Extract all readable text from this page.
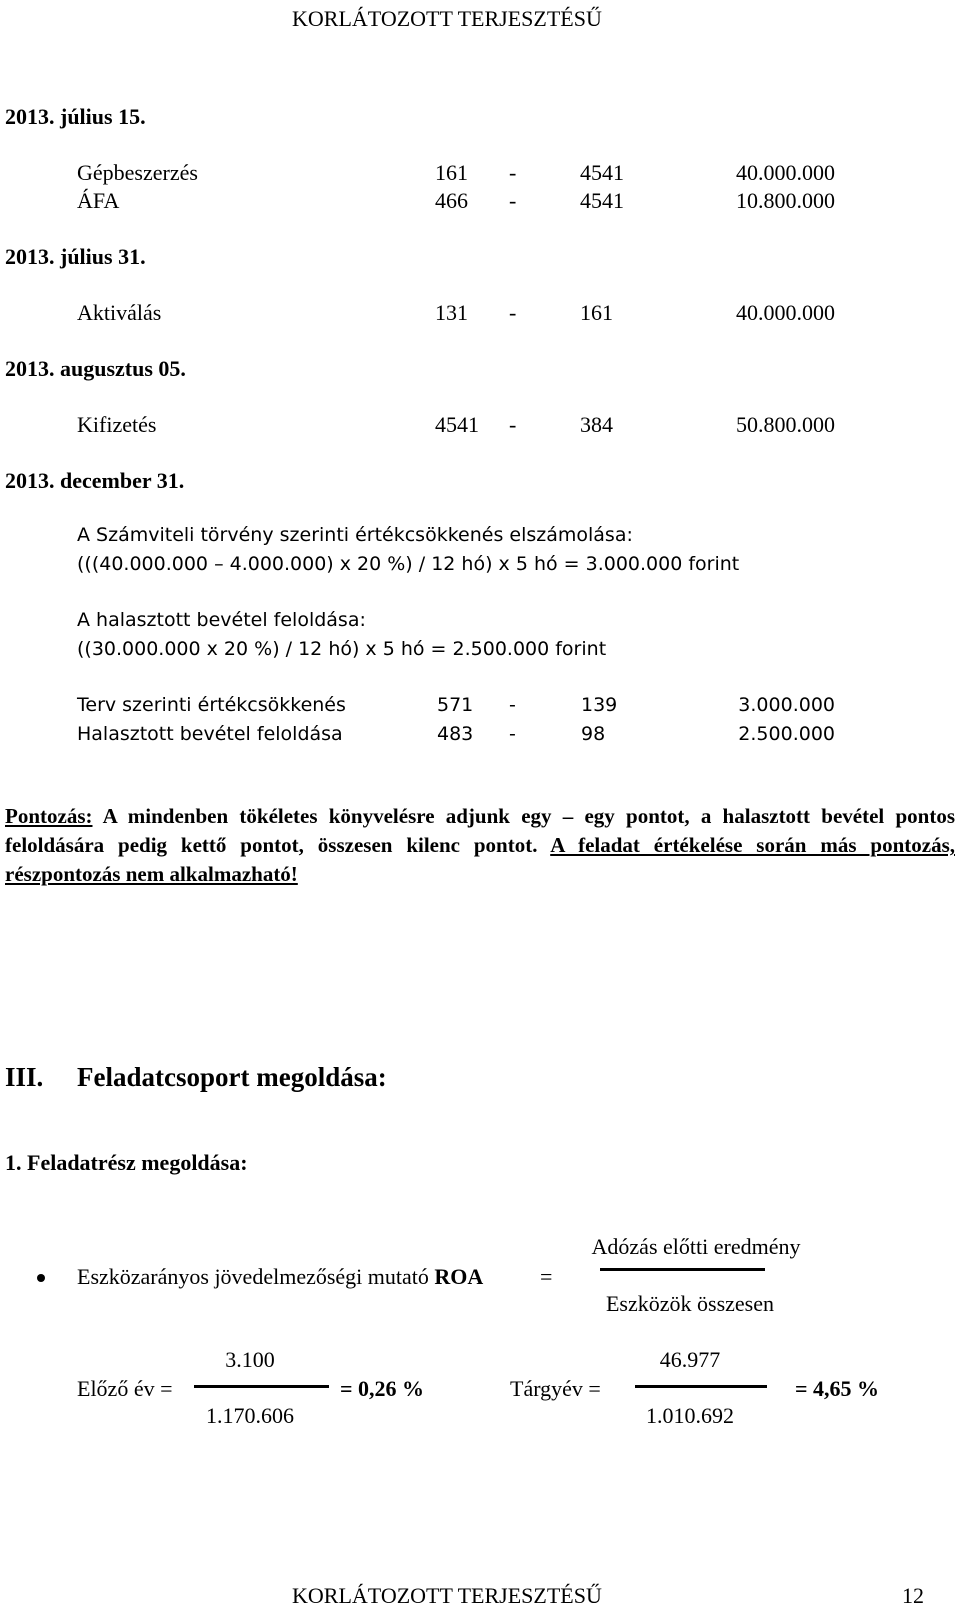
KORLÁTOZOTT TERJESZTÉSŰ
2013. július 15.
Gépbeszerzés	161 -	4541	40.000.000
ÁFA	466 -	4541	10.800.000
2013. július 31.
Aktiválás	131 -	161	40.000.000
2013. augusztus 05.
Kifizetés	4541 -	384	50.800.000
2013. december 31.
A Számviteli törvény szerinti értékcsökkenés elszámolása:
(((40.000.000 – 4.000.000) x 20 %) / 12 hó) x 5 hó = 3.000.000 forint
A halasztott bevétel feloldása:
((30.000.000 x 20 %) / 12 hó) x 5 hó = 2.500.000 forint
Terv szerinti értékcsökkenés	571 -	139	3.000.000
Halasztott bevétel feloldása	483 -	98	2.500.000
Pontozás: A mindenben tökéletes könyvelésre adjunk egy – egy pontot, a halasztott bevétel pontos feloldására pedig kettő pontot, összesen kilenc pontot. A feladat értékelése során más pontozás, részpontozás nem alkalmazható!
III. Feladatcsoport megoldása:
1. Feladatrész megoldása:
Eszközarányos jövedelmezőségi mutató ROA	=
Adózás előtti eredmény
Eszközök összesen
Előző év =
3.100
1.170.606
= 0,26 %	Tárgyév =
46.977
1.010.692
= 4,65 %
KORLÁTOZOTT TERJESZTÉSŰ	12
